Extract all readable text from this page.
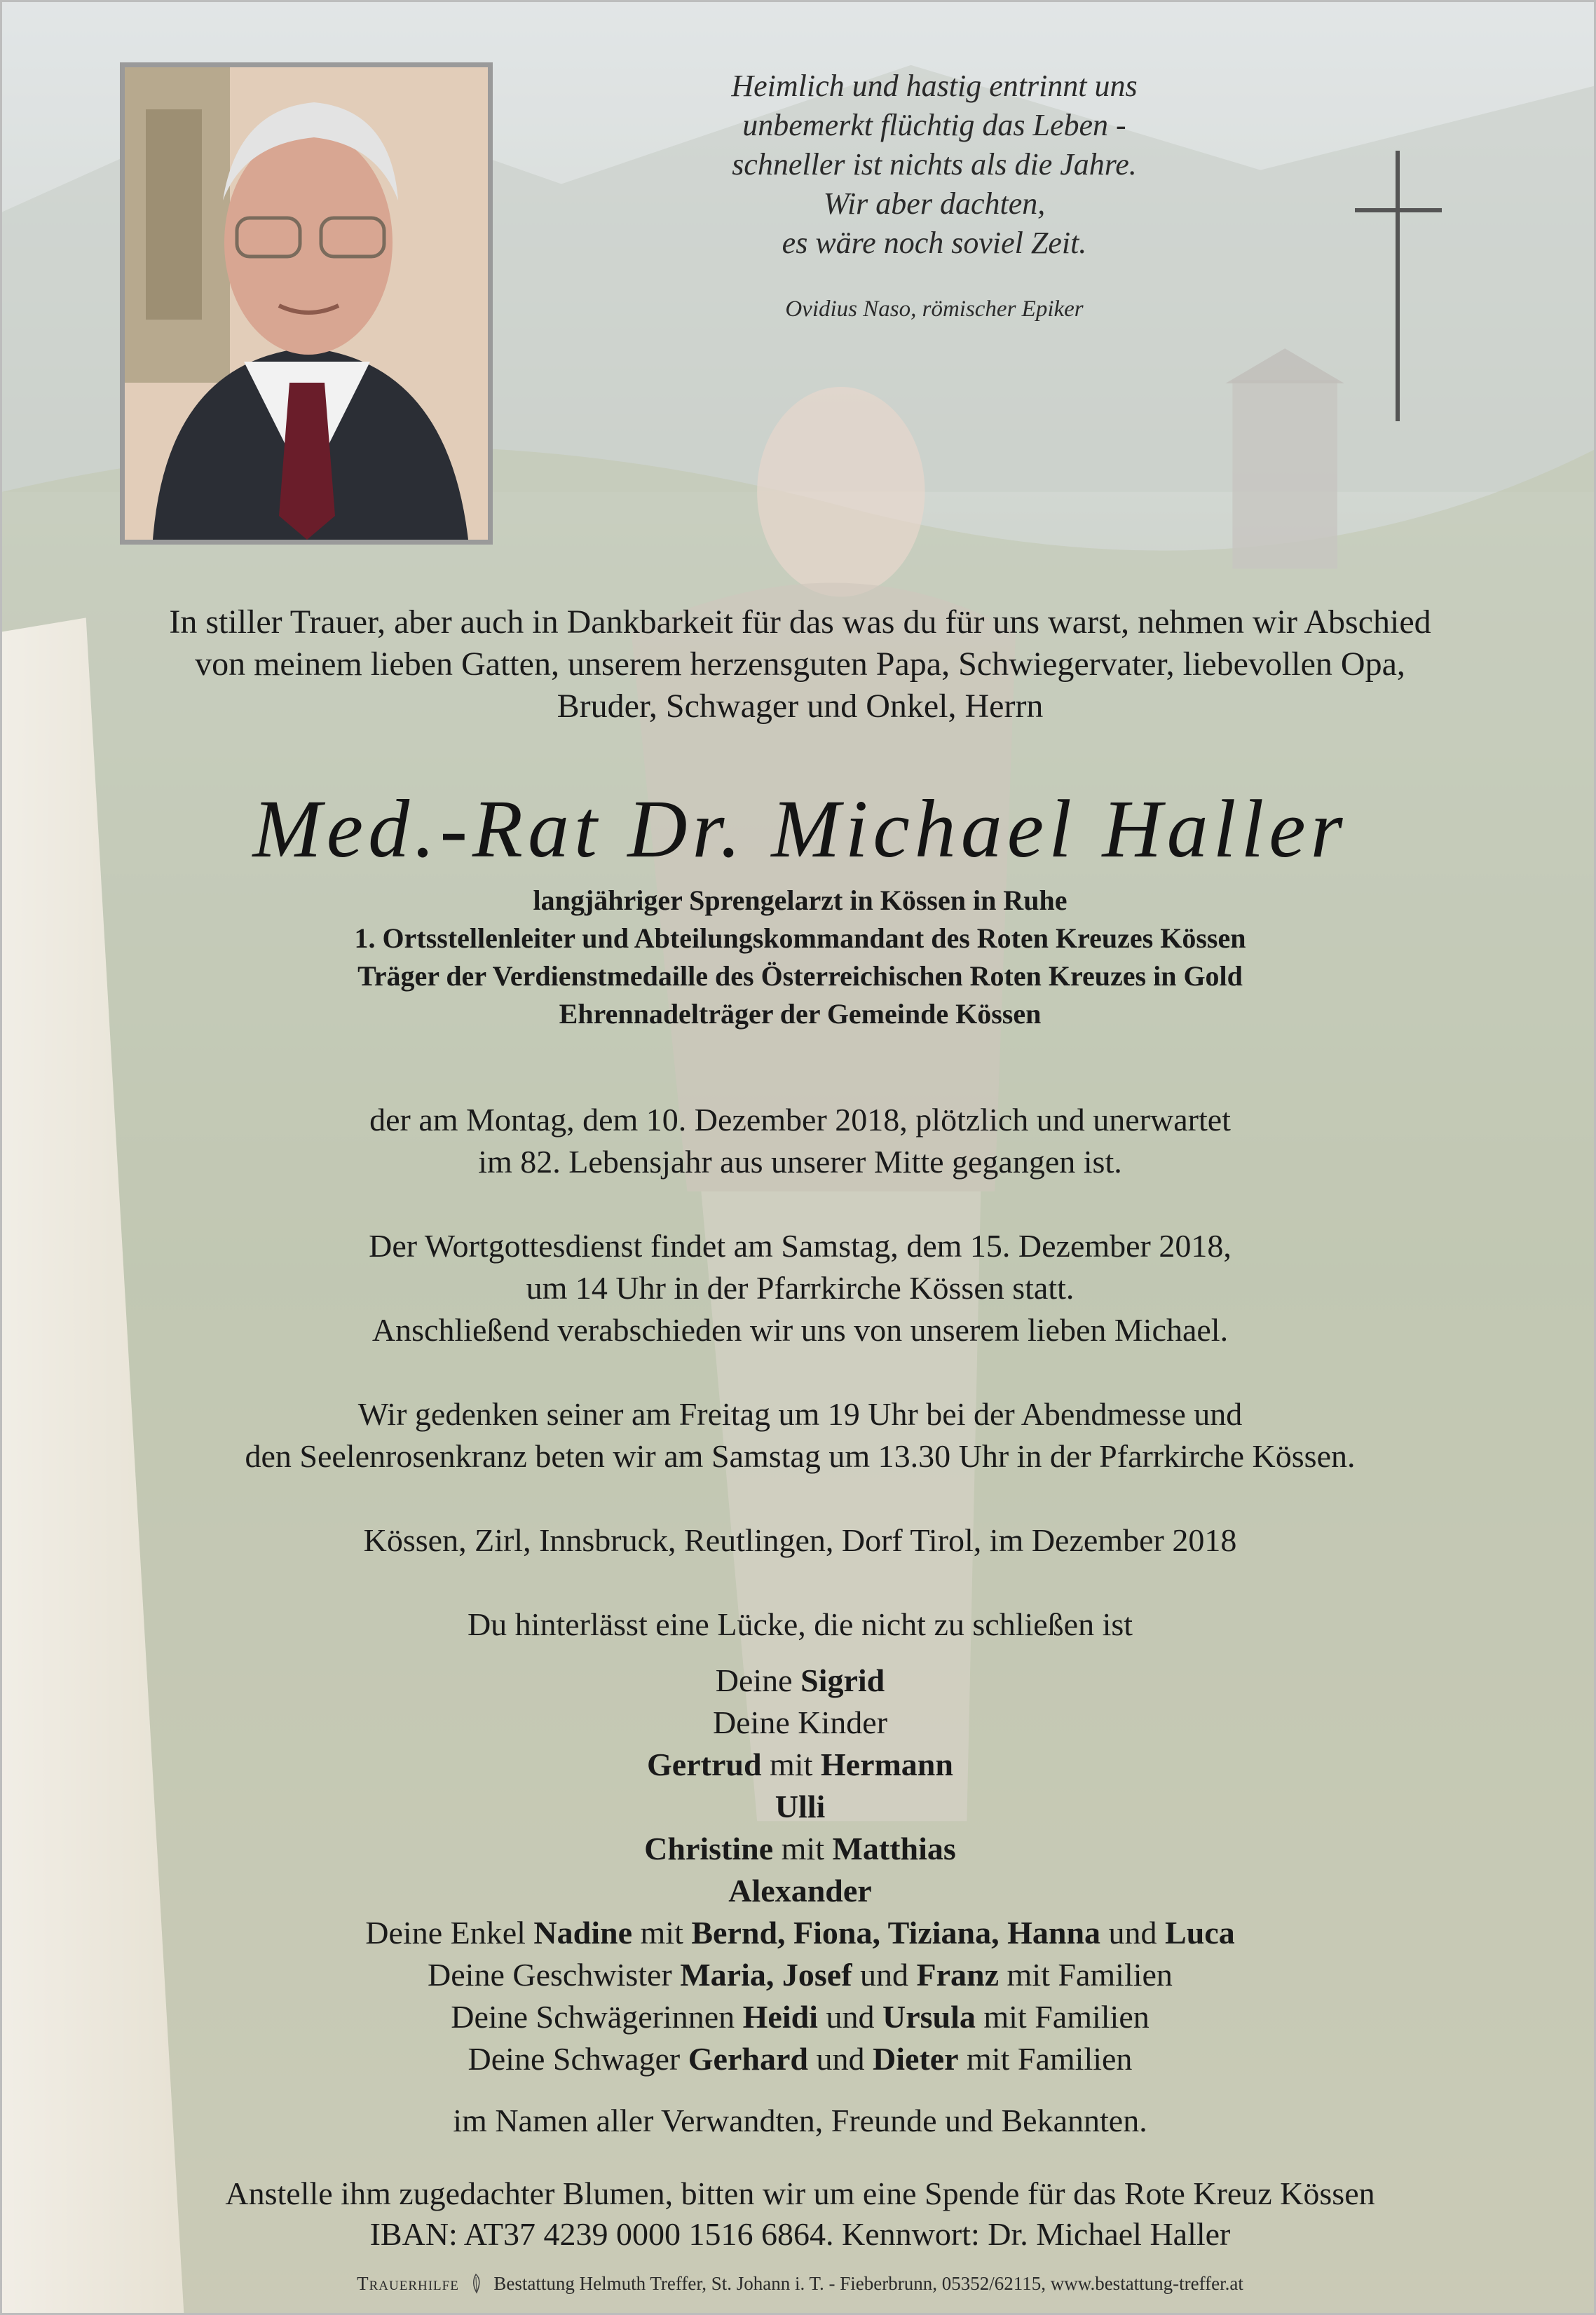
Heimlich und hastig entrinnt uns
unbemerkt flüchtig das Leben -
schneller ist nichts als die Jahre.
Wir aber dachten,
es wäre noch soviel Zeit.
Ovidius Naso, römischer Epiker
In stiller Trauer, aber auch in Dankbarkeit für das was du für uns warst, nehmen wir Abschied
von meinem lieben Gatten, unserem herzensguten Papa, Schwiegervater, liebevollen Opa,
Bruder, Schwager und Onkel, Herrn
Med.-Rat Dr. Michael Haller
langjähriger Sprengelarzt in Kössen in Ruhe
1. Ortsstellenleiter und Abteilungskommandant des Roten Kreuzes Kössen
Träger der Verdienstmedaille des Österreichischen Roten Kreuzes in Gold
Ehrennadelträger der Gemeinde Kössen
der am Montag, dem 10. Dezember 2018, plötzlich und unerwartet
im 82. Lebensjahr aus unserer Mitte gegangen ist.
Der Wortgottesdienst findet am Samstag, dem 15. Dezember 2018,
um 14 Uhr in der Pfarrkirche Kössen statt.
Anschließend verabschieden wir uns von unserem lieben Michael.
Wir gedenken seiner am Freitag um 19 Uhr bei der Abendmesse und
den Seelenrosenkranz beten wir am Samstag um 13.30 Uhr in der Pfarrkirche Kössen.
Kössen, Zirl, Innsbruck, Reutlingen, Dorf Tirol, im Dezember 2018
Du hinterlässt eine Lücke, die nicht zu schließen ist
Deine Sigrid
Deine Kinder
Gertrud mit Hermann
Ulli
Christine mit Matthias
Alexander
Deine Enkel Nadine mit Bernd, Fiona, Tiziana, Hanna und Luca
Deine Geschwister Maria, Josef und Franz mit Familien
Deine Schwägerinnen Heidi und Ursula mit Familien
Deine Schwager Gerhard und Dieter mit Familien
im Namen aller Verwandten, Freunde und Bekannten.
Anstelle ihm zugedachter Blumen, bitten wir um eine Spende für das Rote Kreuz Kössen
IBAN: AT37 4239 0000 1516 6864. Kennwort: Dr. Michael Haller
Trauerhilfe Bestattung Helmuth Treffer, St. Johann i. T. - Fieberbrunn, 05352/62115, www.bestattung-treffer.at
